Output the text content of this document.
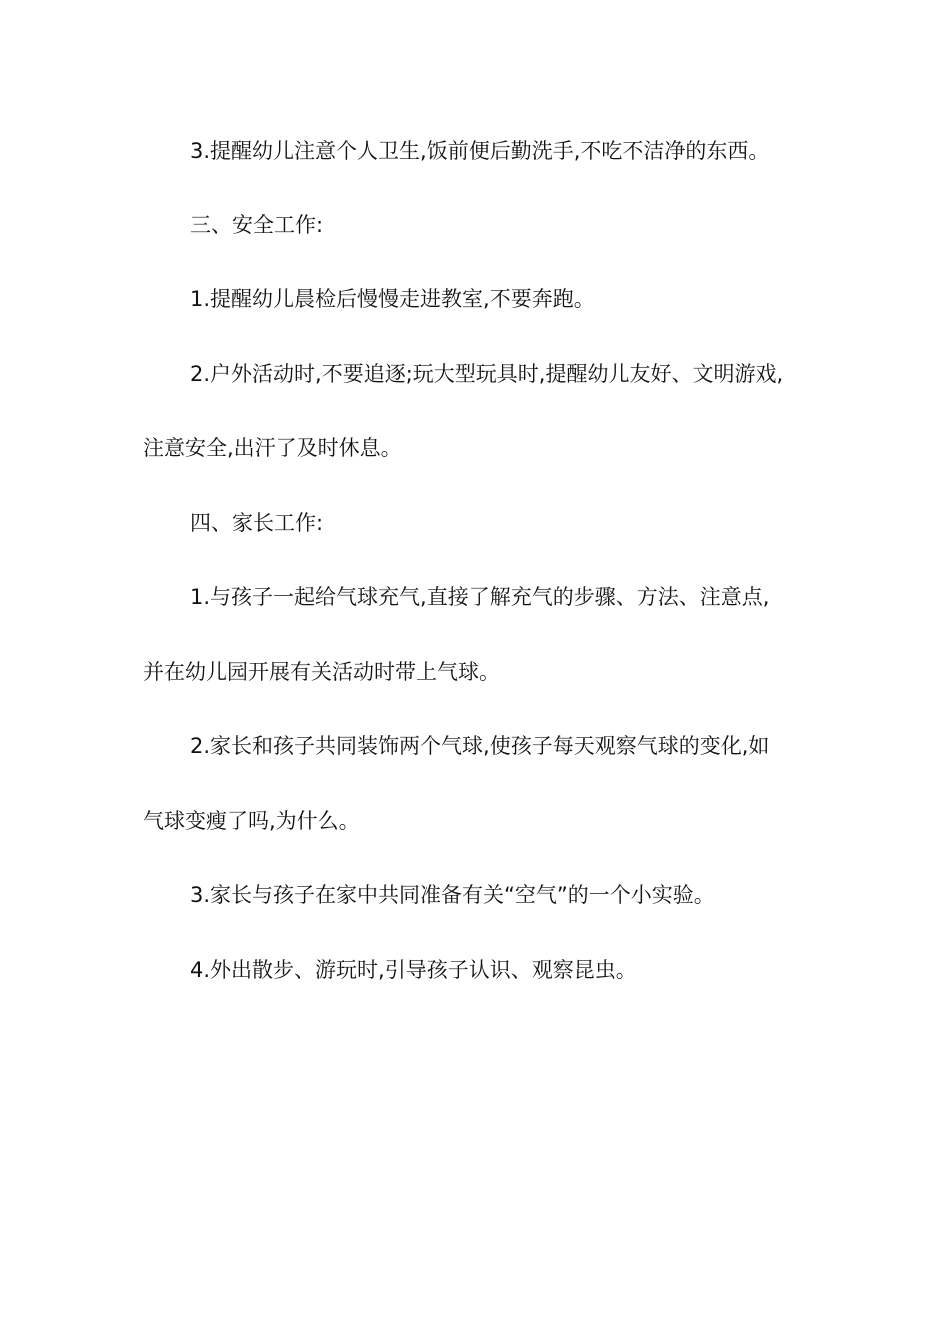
3.提醒幼儿注意个人卫生,饭前便后勤洗手,不吃不洁净的东西。

三、安全工作:

1.提醒幼儿晨检后慢慢走进教室,不要奔跑。

2.户外活动时,不要追逐;玩大型玩具时,提醒幼儿友好、文明游戏,

注意安全,出汗了及时休息。

四、家长工作:

1.与孩子一起给气球充气,直接了解充气的步骤、方法、注意点,

并在幼儿园开展有关活动时带上气球。

2.家长和孩子共同装饰两个气球,使孩子每天观察气球的变化,如

气球变瘦了吗,为什么。

3.家长与孩子在家中共同准备有关“空气”的一个小实验。

4.外出散步、游玩时,引导孩子认识、观察昆虫。
